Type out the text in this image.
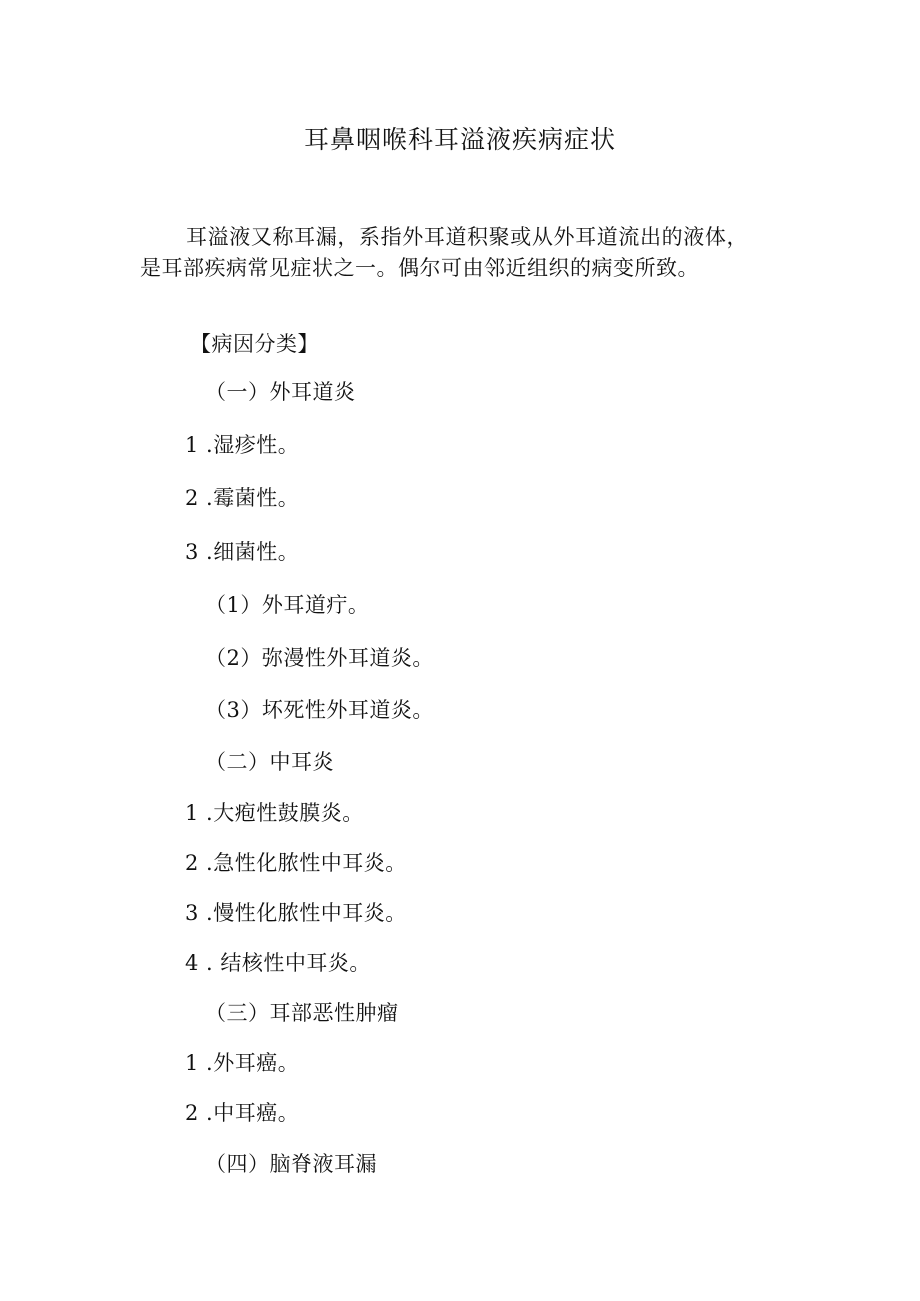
耳鼻咽喉科耳溢液疾病症状

耳溢液又称耳漏，系指外耳道积聚或从外耳道流出的液体，是耳部疾病常见症状之一。偶尔可由邻近组织的病变所致。

【病因分类】

（一）外耳道炎

1 .湿疹性。

2 .霉菌性。

3 .细菌性。

（1）外耳道疔。

（2）弥漫性外耳道炎。

（3）坏死性外耳道炎。

（二）中耳炎

1 .大疱性鼓膜炎。

2 .急性化脓性中耳炎。

3 .慢性化脓性中耳炎。

4 . 结核性中耳炎。

（三）耳部恶性肿瘤

1 .外耳癌。

2 .中耳癌。

（四）脑脊液耳漏
